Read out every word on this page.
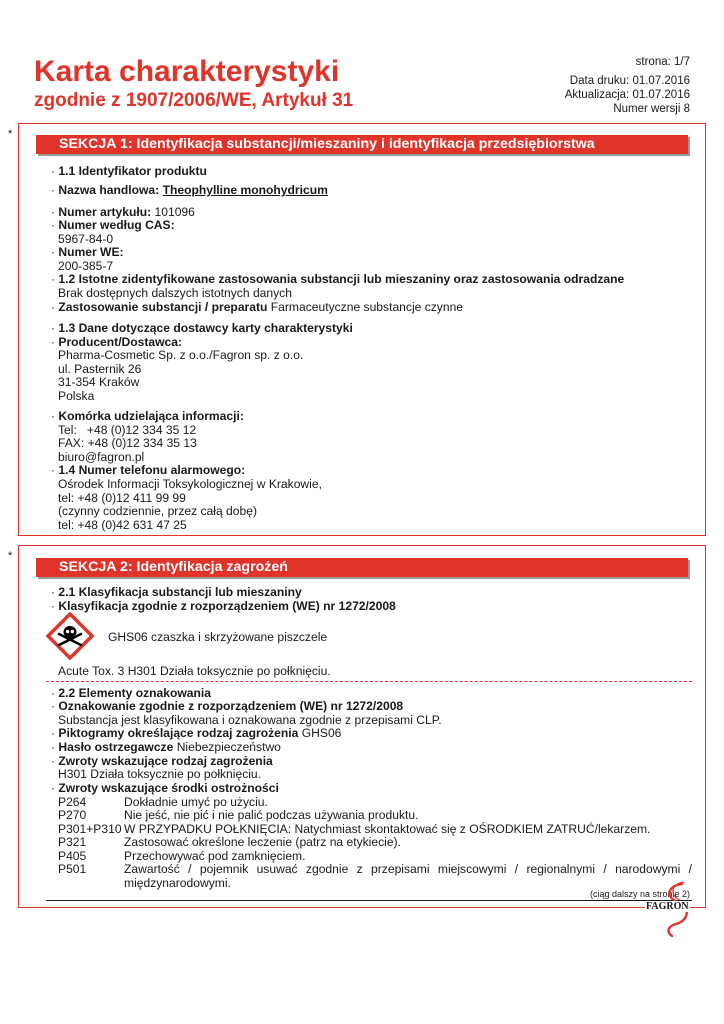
Karta charakterystyki
zgodnie z 1907/2006/WE, Artykuł 31
strona: 1/7
Data druku: 01.07.2016
Aktualizacja: 01.07.2016
Numer wersji 8
*
SEKCJA 1: Identyfikacja substancji/mieszaniny i identyfikacja przedsiębiorstwa
· 1.1 Identyfikator produktu
· Nazwa handlowa: Theophylline monohydricum
· Numer artykułu: 101096
· Numer według CAS:
5967-84-0
· Numer WE:
200-385-7
· 1.2 Istotne zidentyfikowane zastosowania substancji lub mieszaniny oraz zastosowania odradzane
Brak dostępnych dalszych istotnych danych
· Zastosowanie substancji / preparatu Farmaceutyczne substancje czynne
· 1.3 Dane dotyczące dostawcy karty charakterystyki
· Producent/Dostawca:
Pharma-Cosmetic Sp. z o.o./Fagron sp. z o.o.
ul. Pasternik 26
31-354 Kraków
Polska
· Komórka udzielająca informacji:
Tel:   +48 (0)12 334 35 12
FAX: +48 (0)12 334 35 13
biuro@fagron.pl
· 1.4 Numer telefonu alarmowego:
Ośrodek Informacji Toksykologicznej w Krakowie,
tel: +48 (0)12 411 99 99
(czynny codziennie, przez całą dobę)
tel: +48 (0)42 631 47 25
*
SEKCJA 2: Identyfikacja zagrożeń
· 2.1 Klasyfikacja substancji lub mieszaniny
· Klasyfikacja zgodnie z rozporządzeniem (WE) nr 1272/2008
GHS06 czaszka i skrzyżowane piszczele
Acute Tox. 3 H301 Działa toksycznie po połknięciu.
· 2.2 Elementy oznakowania
· Oznakowanie zgodnie z rozporządzeniem (WE) nr 1272/2008
Substancja jest klasyfikowana i oznakowana zgodnie z przepisami CLP.
· Piktogramy określające rodzaj zagrożenia GHS06
· Hasło ostrzegawcze Niebezpieczeństwo
· Zwroty wskazujące rodzaj zagrożenia
H301 Działa toksycznie po połknięciu.
· Zwroty wskazujące środki ostrożności
P264	Dokładnie umyć po użyciu.
P270	Nie jeść, nie pić i nie palić podczas używania produktu.
P301+P310 W PRZYPADKU POŁKNIĘCIA: Natychmiast skontaktować się z OŚRODKIEM ZATRUĆ/lekarzem.
P321	Zastosować określone leczenie (patrz na etykiecie).
P405	Przechowywać pod zamknięciem.
P501	Zawartość / pojemnik usuwać zgodnie z przepisami miejscowymi / regionalnymi / narodowymi /
międzynarodowymi.
(ciąg dalszy na stronie 2)
FAGRON
